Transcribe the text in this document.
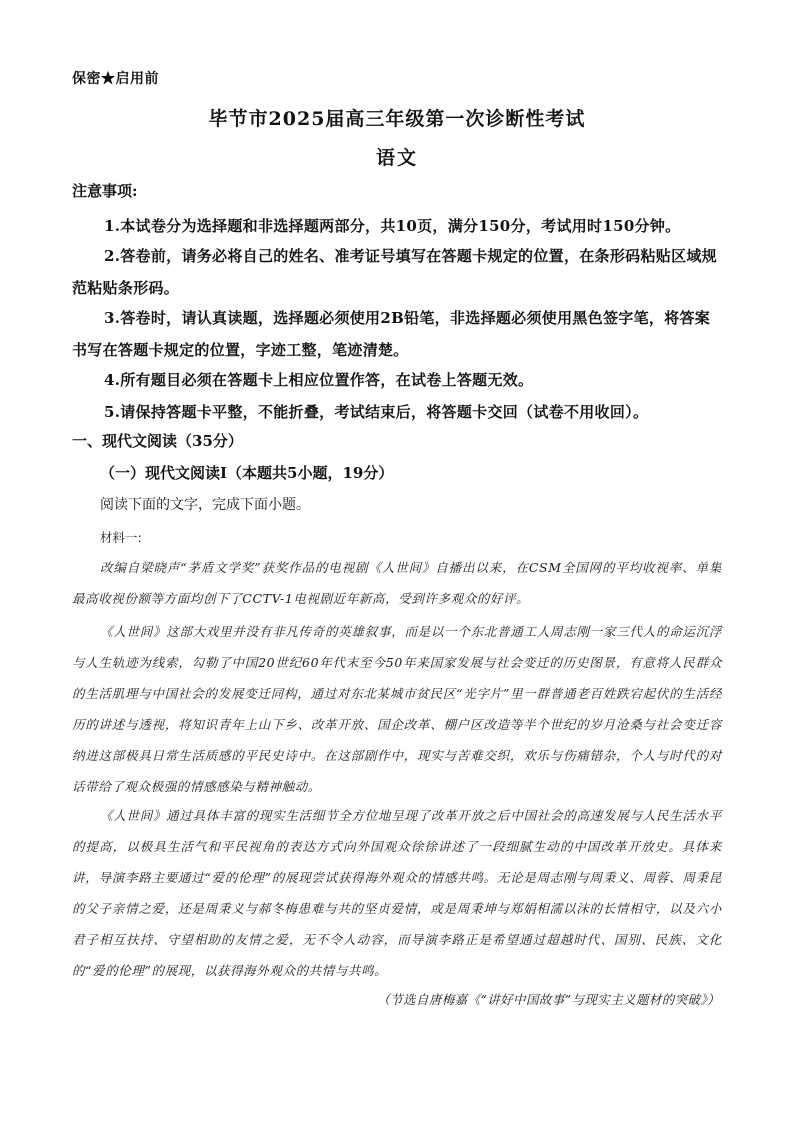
保密★启用前
毕节市2025届高三年级第一次诊断性考试
语文
注意事项:
1.本试卷分为选择题和非选择题两部分，共10页，满分150分，考试用时150分钟。
2.答卷前，请务必将自己的姓名、准考证号填写在答题卡规定的位置，在条形码粘贴区域规范粘贴条形码。
3.答卷时，请认真读题，选择题必须使用2B铅笔，非选择题必须使用黑色签字笔，将答案书写在答题卡规定的位置，字迹工整，笔迹清楚。
4.所有题目必须在答题卡上相应位置作答，在试卷上答题无效。
5.请保持答题卡平整，不能折叠，考试结束后，将答题卡交回（试卷不用收回）。
一、现代文阅读（35分）
（一）现代文阅读Ⅰ（本题共5小题，19分）
阅读下面的文字，完成下面小题。
材料一:
改编自梁晓声“茅盾文学奖”获奖作品的电视剧《人世间》自播出以来，在CSM全国网的平均收视率、单集最高收视份额等方面均创下了CCTV-1电视剧近年新高，受到许多观众的好评。
《人世间》这部大戏里并没有非凡传奇的英雄叙事，而是以一个东北普通工人周志刚一家三代人的命运沉浮与人生轨迹为线索，勾勒了中国20世纪60年代末至今50年来国家发展与社会变迁的历史图景，有意将人民群众的生活肌理与中国社会的发展变迁同构，通过对东北某城市贫民区“光字片”里一群普通老百姓跌宕起伏的生活经历的讲述与透视，将知识青年上山下乡、改革开放、国企改革、棚户区改造等半个世纪的岁月沧桑与社会变迁容纳进这部极具日常生活质感的平民史诗中。在这部剧作中，现实与苦难交织，欢乐与伤痛错杂，个人与时代的对话带给了观众极强的情感感染与精神触动。
《人世间》通过具体丰富的现实生活细节全方位地呈现了改革开放之后中国社会的高速发展与人民生活水平的提高，以极具生活气和平民视角的表达方式向外国观众徐徐讲述了一段细腻生动的中国改革开放史。具体来讲，导演李路主要通过“爱的伦理”的展现尝试获得海外观众的情感共鸣。无论是周志刚与周秉义、周蓉、周秉昆的父子亲情之爱，还是周秉义与郝冬梅患难与共的坚贞爱情，或是周秉坤与郑娟相濡以沫的长情相守，以及六小君子相互扶持、守望相助的友情之爱，无不令人动容，而导演李路正是希望通过超越时代、国别、民族、文化的“爱的伦理”的展现，以获得海外观众的共情与共鸣。
（节选自唐梅嘉《“讲好中国故事”与现实主义题材的突破》）
